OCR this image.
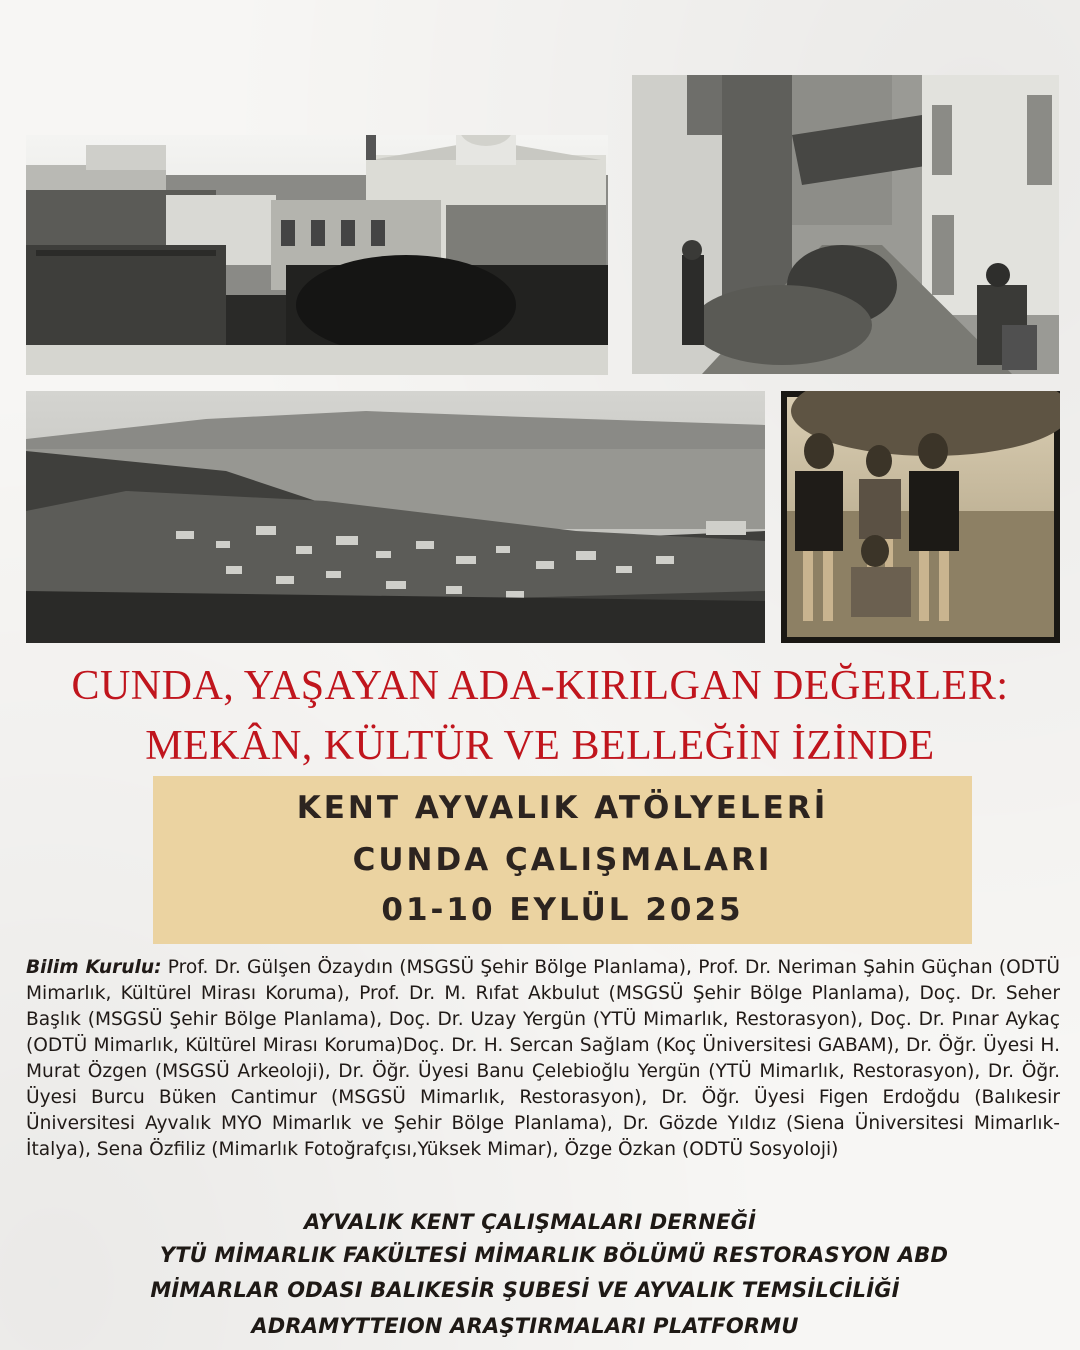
CUNDA, YAŞAYAN ADA-KIRILGAN DEĞERLER:
MEKÂN, KÜLTÜR VE BELLEĞİN İZİNDE
KENT AYVALIK ATÖLYELERİ
CUNDA ÇALIŞMALARI
01-10 EYLÜL 2025
Bilim Kurulu: Prof. Dr. Gülşen Özaydın (MSGSÜ Şehir Bölge Planlama), Prof. Dr. Neriman Şahin Güçhan (ODTÜ Mimarlık, Kültürel Mirası Koruma), Prof. Dr. M. Rıfat Akbulut (MSGSÜ Şehir Bölge Planlama), Doç. Dr. Seher Başlık (MSGSÜ Şehir Bölge Planlama), Doç. Dr. Uzay Yergün (YTÜ Mimarlık, Restorasyon), Doç. Dr. Pınar Aykaç (ODTÜ Mimarlık, Kültürel Mirası Koruma)Doç. Dr. H. Sercan Sağlam (Koç Üniversitesi GABAM), Dr. Öğr. Üyesi H. Murat Özgen (MSGSÜ Arkeoloji), Dr. Öğr. Üyesi Banu Çelebioğlu Yergün (YTÜ Mimarlık, Restorasyon), Dr. Öğr. Üyesi Burcu Büken Cantimur (MSGSÜ Mimarlık, Restorasyon), Dr. Öğr. Üyesi Figen Erdoğdu (Balıkesir Üniversitesi Ayvalık MYO Mimarlık ve Şehir Bölge Planlama), Dr. Gözde Yıldız (Siena Üniversitesi Mimarlık-İtalya), Sena Özfiliz (Mimarlık Fotoğrafçısı,Yüksek Mimar), Özge Özkan (ODTÜ Sosyoloji)
AYVALIK KENT ÇALIŞMALARI DERNEĞİ
YTÜ MİMARLIK FAKÜLTESİ MİMARLIK BÖLÜMÜ RESTORASYON ABD
MİMARLAR ODASI BALIKESİR ŞUBESİ VE AYVALIK TEMSİLCİLİĞİ
ADRAMYTTEION ARAŞTIRMALARI PLATFORMU
